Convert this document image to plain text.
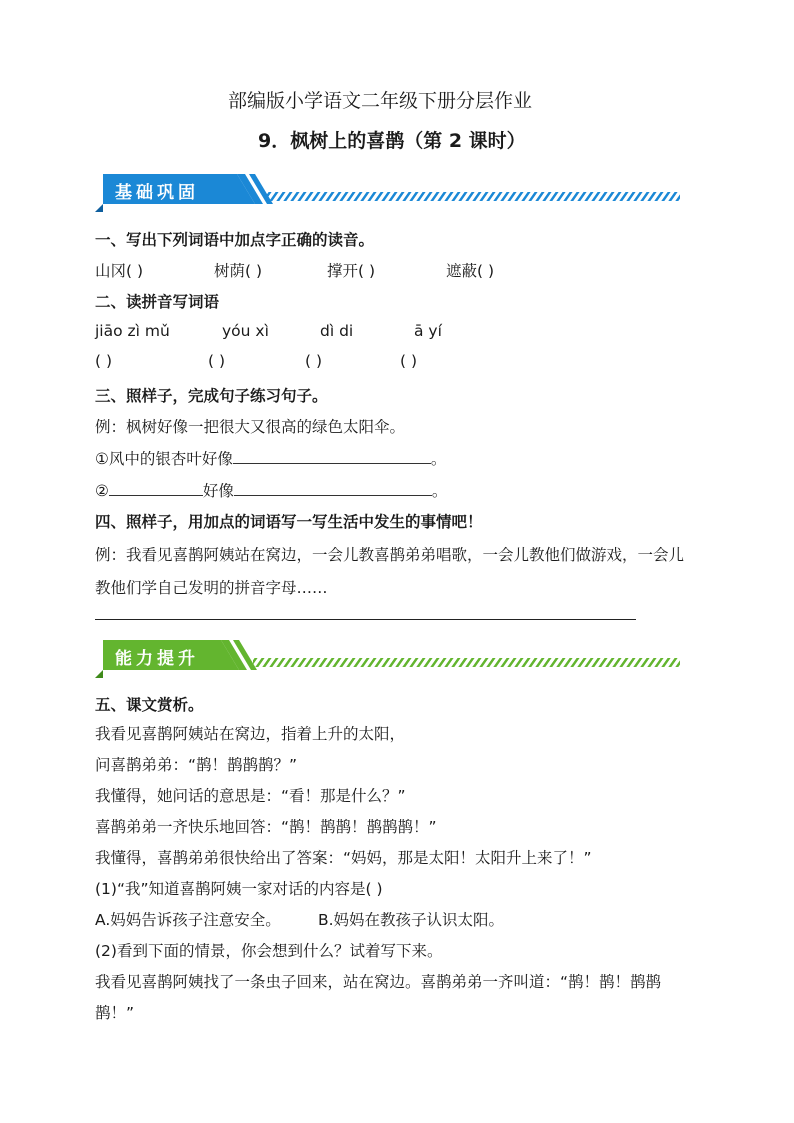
部编版小学语文二年级下册分层作业
9．枫树上的喜鹊（第 2 课时）
基础巩固
一、写出下列词语中加点字正确的读音。
山冈( )	树荫( )	撑开( )	遮蔽( )
二、读拼音写词语
jiāo zì mǔ	yóu xì	dì di	ā yí
( )	( )	( )	( )
三、照样子，完成句子练习句子。
例：枫树好像一把很大又很高的绿色太阳伞。
①风中的银杏叶好像	。
②	好像	。
四、照样子，用加点的词语写一写生活中发生的事情吧！
例：我看见喜鹊阿姨站在窝边，一会儿教喜鹊弟弟唱歌，一会儿教他们做游戏，一会儿
教他们学自己发明的拼音字母……
能力提升
五、课文赏析。
我看见喜鹊阿姨站在窝边，指着上升的太阳，
问喜鹊弟弟：“鹊！鹊鹊鹊？”
我懂得，她问话的意思是：“看！那是什么？”
喜鹊弟弟一齐快乐地回答：“鹊！鹊鹊！鹊鹊鹊！”
我懂得，喜鹊弟弟很快给出了答案：“妈妈，那是太阳！太阳升上来了！”
(1)“我”知道喜鹊阿姨一家对话的内容是( )
A.妈妈告诉孩子注意安全。 B.妈妈在教孩子认识太阳。
(2)看到下面的情景，你会想到什么？试着写下来。
我看见喜鹊阿姨找了一条虫子回来，站在窝边。喜鹊弟弟一齐叫道：“鹊！鹊！鹊鹊
鹊！”
